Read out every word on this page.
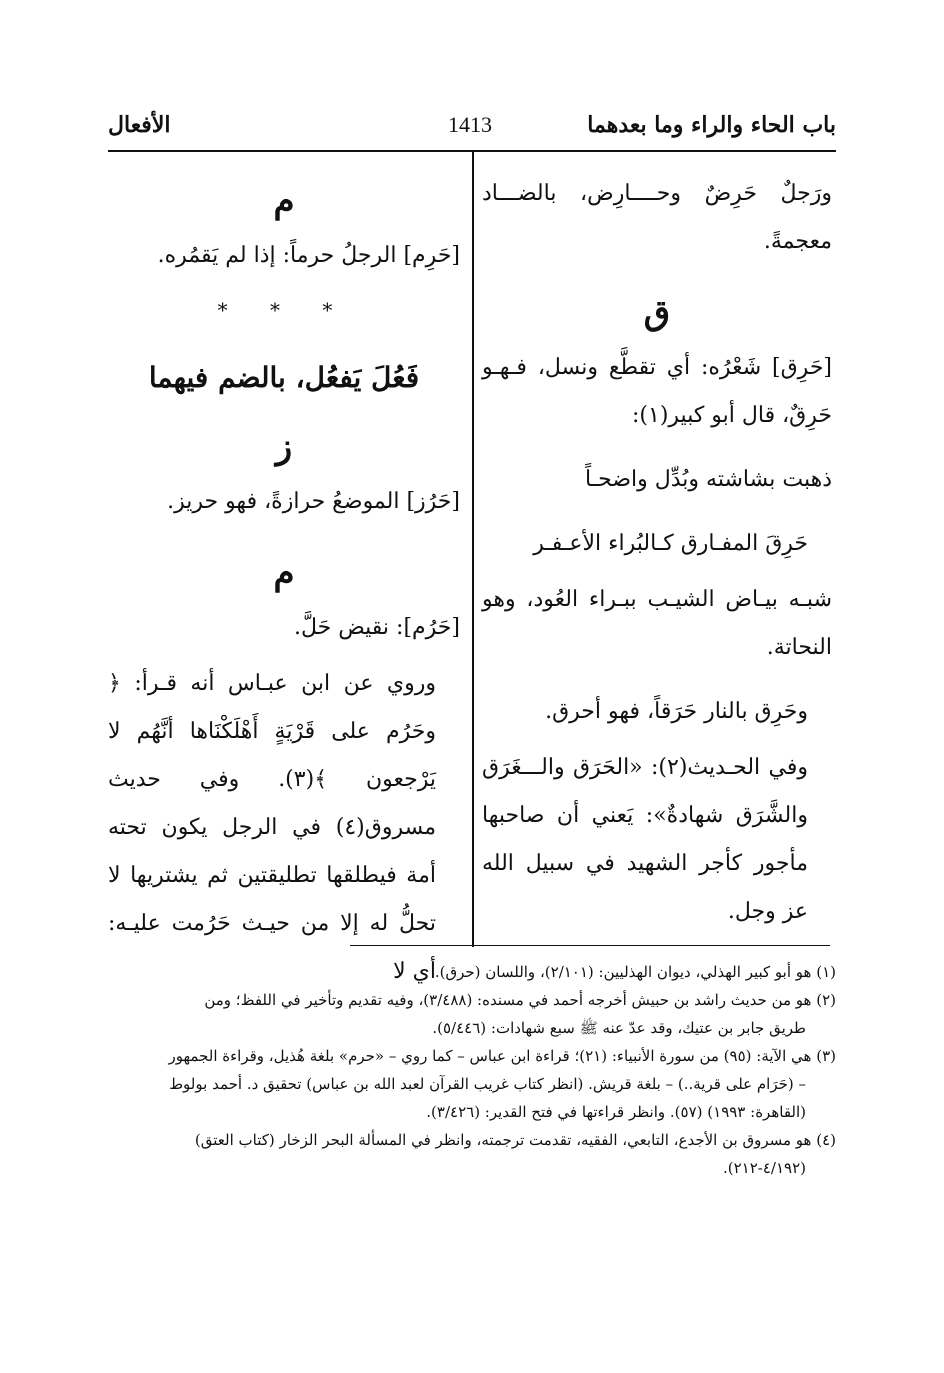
باب الحاء والراء وما بعدهما
1413
الأفعال

ورَجلٌ حَرِضٌ وحــــارِض، بالضـــاد معجمةً.

ق

[حَرِق] شَعْرُه: أي تقطَّع ونسل، فـهـو حَرِقٌ، قال أبو كبير(١):

ذهبت بشاشته وبُدِّل واضحـاً

حَرِقَ المفـارق كـالبُراء الأعـفـر

شبـه بيـاض الشيـب ببـراء العُود، وهو النحاتة.

وحَرِق بالنار حَرَقاً، فهو أحرق.

وفي الحـديث(٢): «الحَرَق والـــغَرَق والشَّرَق شهادةٌ»: يَعني أن صاحبها مأجور كأجر الشهيد في سبيل الله عز وجل.

م

[حَرِم] الرجلُ حرماً: إذا لم يَقمُره.

* * *
فَعُلَ يَفعُل، بالضم فيهما
ز

[حَرُز] الموضعُ حرازةً، فهو حريز.

م

[حَرُم]: نقيض حَلَّ.

وروي عن ابن عبـاس أنه قـرأ: ﴿ وحَرُم على قَرْيَةٍ أَهْلَكْنَاها أنَّهُم لا يَرْجعون ﴾(٣). وفي حديث مسروق(٤) في الرجل يكون تحته أمة فيطلقها تطليقتين ثم يشتريها لا تحلُّ له إلا من حيـث حَرُمت عليـه: أي لا

(١) هو أبو كبير الهذلي، ديوان الهذليين: (٢/١٠١)، واللسان (حرق).

(٢) هو من حديث راشد بن حبيش أخرجه أحمد في مسنده: (٣/٤٨٨)، وفيه تقديم وتأخير في اللفظ؛ ومن

طريق جابر بن عتيك، وقد عدّ عنه ﷺ سبع شهادات: (٥/٤٤٦).

(٣) هي الآية: (٩٥) من سورة الأنبياء: (٢١)؛ قراءة ابن عباس – كما روي – «حرم» بلغة هُذيل، وقراءة الجمهور

– (حَرَام على قرية..) – بلغة قريش. (انظر كتاب غريب القرآن لعبد الله بن عباس) تحقيق د. أحمد بولوط

(القاهرة: ١٩٩٣) (٥٧). وانظر قراءتها في فتح القدير: (٣/٤٢٦).

(٤) هو مسروق بن الأجدع، التابعي، الفقيه، تقدمت ترجمته، وانظر في المسألة البحر الزخار (كتاب العتق)

(٤/١٩٢-٢١٢).
